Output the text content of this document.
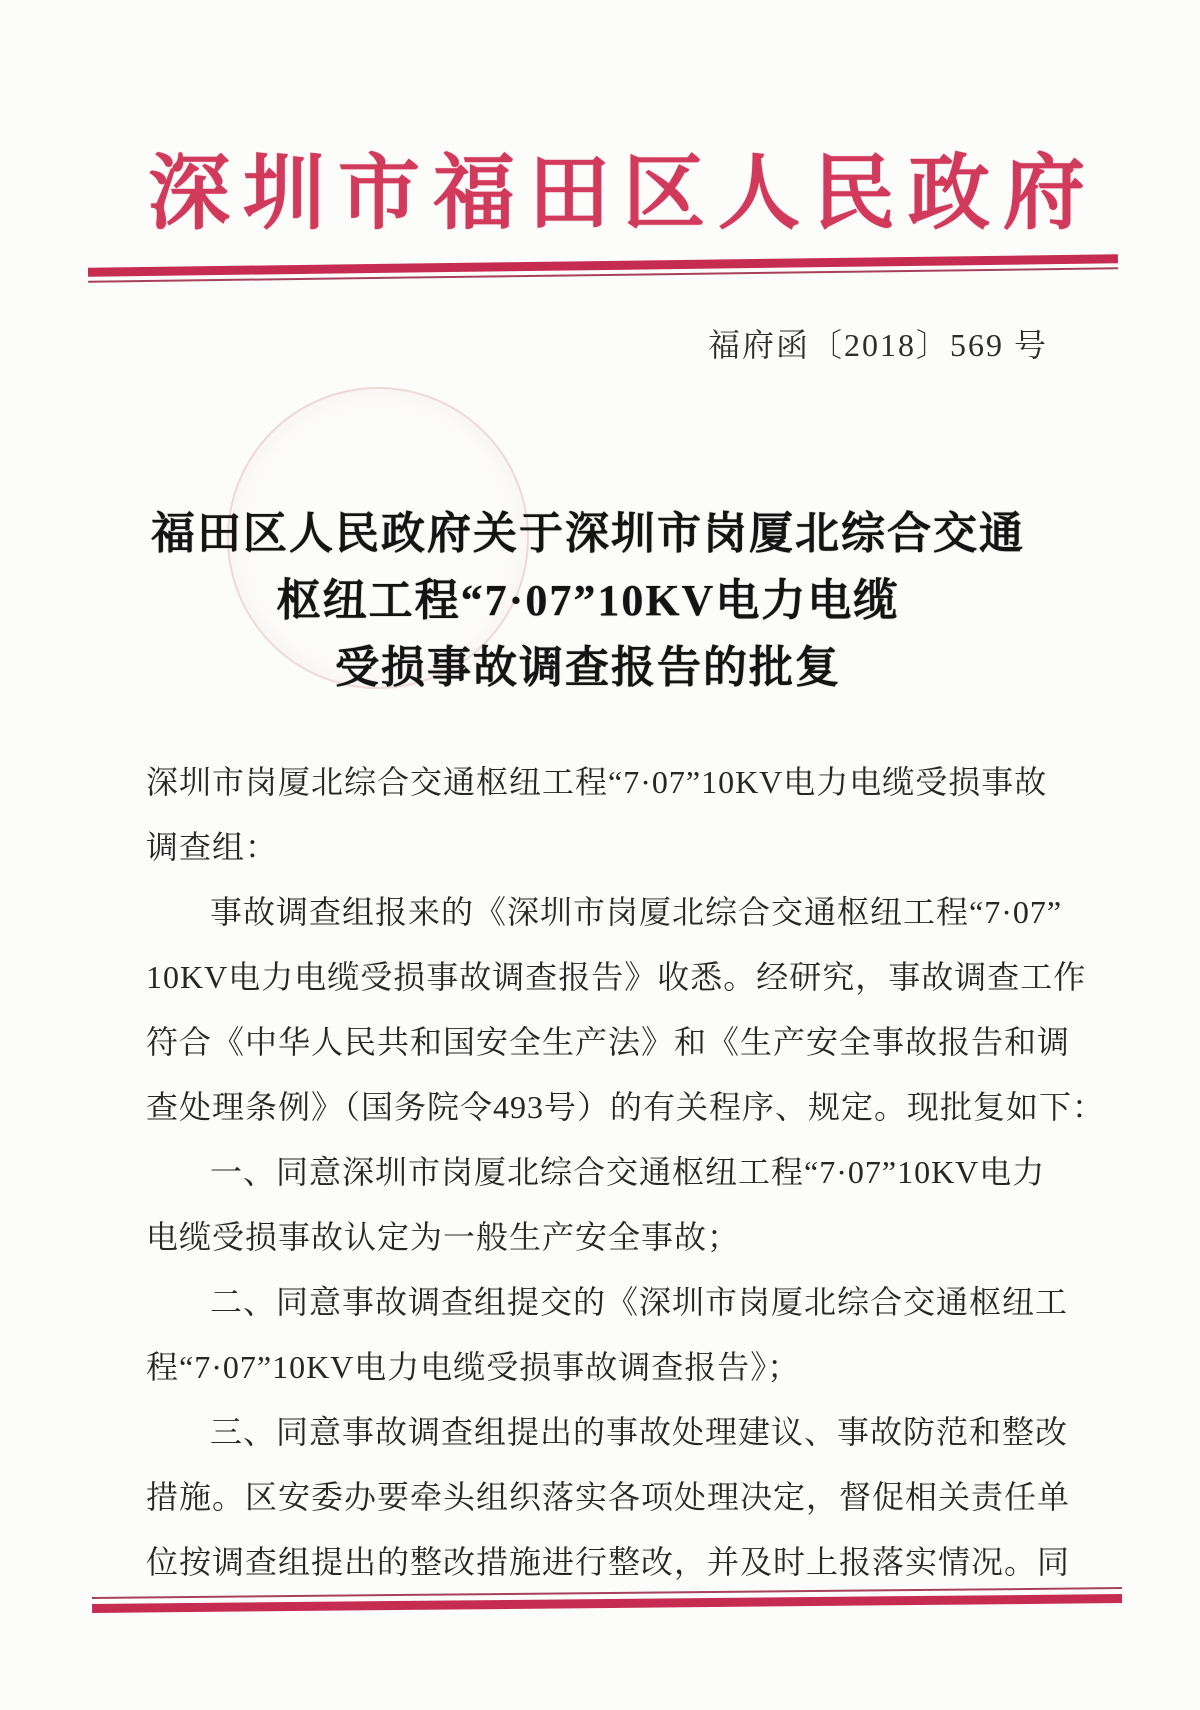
深圳市福田区人民政府
福府函〔2018〕569 号
福田区人民政府关于深圳市岗厦北综合交通
枢纽工程“7·07”10KV电力电缆
受损事故调查报告的批复
深圳市岗厦北综合交通枢纽工程“7·07”10KV电力电缆受损事故
调查组：
事故调查组报来的《深圳市岗厦北综合交通枢纽工程“7·07”
10KV电力电缆受损事故调查报告》收悉。经研究，事故调查工作
符合《中华人民共和国安全生产法》和《生产安全事故报告和调
查处理条例》（国务院令493号）的有关程序、规定。现批复如下：
一、同意深圳市岗厦北综合交通枢纽工程“7·07”10KV电力
电缆受损事故认定为一般生产安全事故；
二、同意事故调查组提交的《深圳市岗厦北综合交通枢纽工
程“7·07”10KV电力电缆受损事故调查报告》；
三、同意事故调查组提出的事故处理建议、事故防范和整改
措施。区安委办要牵头组织落实各项处理决定，督促相关责任单
位按调查组提出的整改措施进行整改，并及时上报落实情况。同
